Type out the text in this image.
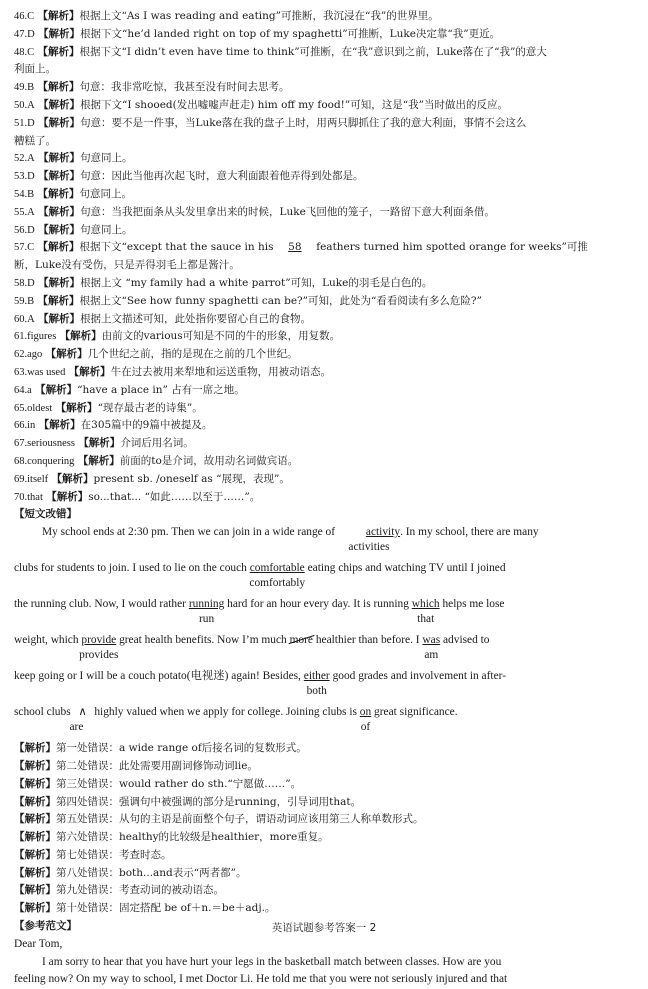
46.C 【解析】根据上文“As I was reading and eating”可推断，我沉浸在“我”的世界里。
47.D 【解析】根据下文“he’d landed right on top of my spaghetti”可推断，Luke决定靠“我”更近。
48.C 【解析】根据下文“I didn’t even have time to think”可推断，在“我”意识到之前，Luke落在了“我”的意大
利面上。
49.B 【解析】句意：我非常吃惊，我甚至没有时间去思考。
50.A 【解析】根据下文“I shooed(发出嘘嘘声赶走) him off my food!”可知，这是“我”当时做出的反应。
51.D 【解析】句意：要不是一件事，当Luke落在我的盘子上时，用两只脚抓住了我的意大利面，事情不会这么
糟糕了。
52.A 【解析】句意同上。
53.D 【解析】句意：因此当他再次起飞时，意大利面跟着他弄得到处都是。
54.B 【解析】句意同上。
55.A 【解析】句意：当我把面条从头发里拿出来的时候，Luke飞回他的笼子，一路留下意大利面条借。
56.D 【解析】句意同上。
57.C 【解析】根据下文“except that the sauce in his 58 feathers turned him spotted orange for weeks”可推
断，Luke没有受伤，只是弄得羽毛上都是酱汁。
58.D 【解析】根据上文 “my family had a white parrot”可知，Luke的羽毛是白色的。
59.B 【解析】根据上文“See how funny spaghetti can be?”可知，此处为“看看阅读有多么危险?”
60.A 【解析】根据上文描述可知，此处指你要留心自己的食物。
61.figures 【解析】由前文的various可知是不同的牛的形象，用复数。
62.ago 【解析】几个世纪之前，指的是现在之前的几个世纪。
63.was used 【解析】牛在过去被用来犁地和运送重物，用被动语态。
64.a 【解析】“have a place in” 占有一席之地。
65.oldest 【解析】“现存最古老的诗集”。
66.in 【解析】在305篇中的9篇中被提及。
67.seriousness 【解析】介词后用名词。
68.conquering 【解析】前面的to是介词，故用动名词做宾语。
69.itself 【解析】present sb. /oneself as “展现，表现”。
70.that 【解析】so...that... “如此……以至于……”。
【短文改错】
My school ends at 2:30 pm. Then we can join in a wide range of	activity
activities
. In my school, there are many
clubs for students to join. I used to lie on the couch comfortable
comfortably
eating chips and watching TV until I joined
the running club. Now, I would rather running
run
hard for an hour every day. It is running which
that
helps me lose
weight, which provide
provides
great health benefits. Now I’m much more healthier than before. I was
am
advised to
keep going or I will be a couch potato(电视迷) again! Besides, either
both
good grades and involvement in after-
school clubs ∧
are
highly valued when we apply for college. Joining clubs is $\frac{on}{of}$ great significance.
【解析】第一处错误：a wide range of后接名词的复数形式。
【解析】第二处错误：此处需要用副词修饰动词lie。
【解析】第三处错误：would rather do sth.“宁愿做……”。
【解析】第四处错误：强调句中被强调的部分是running，引导词用that。
【解析】第五处错误：从句的主语是前面整个句子，谓语动词应该用第三人称单数形式。
【解析】第六处错误：healthy的比较级是healthier，more重复。
【解析】第七处错误：考查时态。
【解析】第八处错误：both...and表示“两者都”。
【解析】第九处错误：考查动词的被动语态。
【解析】第十处错误：固定搭配 be of＋n.＝be＋adj.。
【参考范文】
Dear Tom,
I am sorry to hear that you have hurt your legs in the basketball match between classes. How are you
feeling now? On my way to school, I met Doctor Li. He told me that you were not seriously injured and that
英语试题参考答案一 2
